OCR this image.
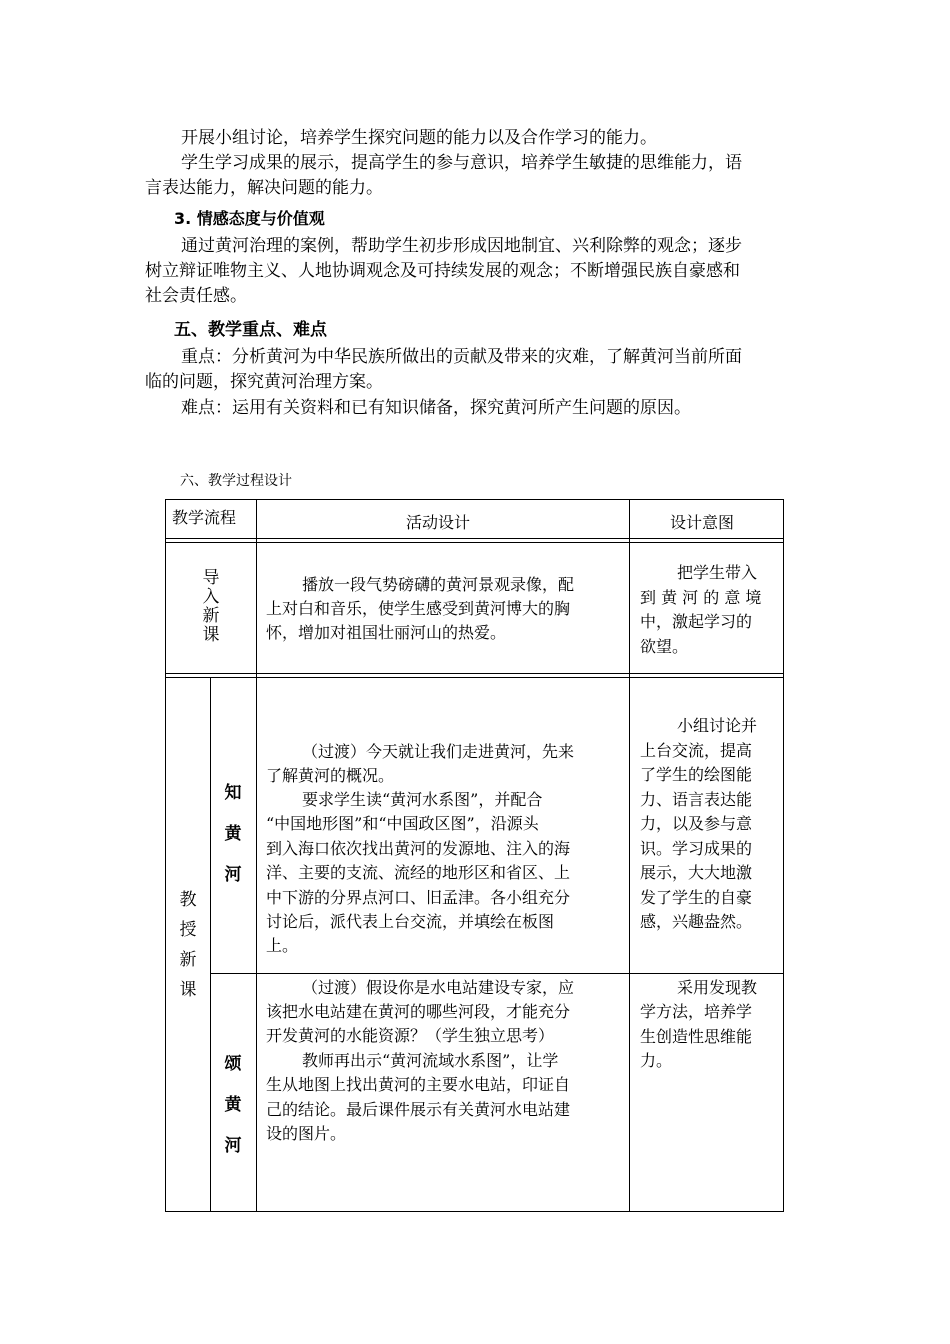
开展小组讨论，培养学生探究问题的能力以及合作学习的能力。
学生学习成果的展示，提高学生的参与意识，培养学生敏捷的思维能力，语
言表达能力，解决问题的能力。
3. 情感态度与价值观
通过黄河治理的案例，帮助学生初步形成因地制宜、兴利除弊的观念；逐步
树立辩证唯物主义、人地协调观念及可持续发展的观念；不断增强民族自豪感和
社会责任感。
五、教学重点、难点
重点：分析黄河为中华民族所做出的贡献及带来的灾难，了解黄河当前所面
临的问题，探究黄河治理方案。
难点：运用有关资料和已有知识储备，探究黄河所产生问题的原因。
六、教学过程设计
教学流程	活动设计	设计意图
导
入
新
课
播放一段气势磅礴的黄河景观录像，配
上对白和音乐，使学生感受到黄河博大的胸
怀，增加对祖国壮丽河山的热爱。
把学生带入
到 黄 河 的 意 境
中，激起学习的
欲望。
教
授
新
课
知
黄
河
（过渡）今天就让我们走进黄河，先来
了解黄河的概况。
要求学生读“黄河水系图”，并配合
“中国地形图”和“中国政区图”，沿源头
到入海口依次找出黄河的发源地、注入的海
洋、主要的支流、流经的地形区和省区、上
中下游的分界点河口、旧孟津。各小组充分
讨论后，派代表上台交流，并填绘在板图
上。
小组讨论并
上台交流，提高
了学生的绘图能
力、语言表达能
力，以及参与意
识。学习成果的
展示，大大地激
发了学生的自豪
感，兴趣盎然。
颂
黄
河
（过渡）假设你是水电站建设专家，应
该把水电站建在黄河的哪些河段，才能充分
开发黄河的水能资源？（学生独立思考）
教师再出示“黄河流域水系图”，让学
生从地图上找出黄河的主要水电站，印证自
己的结论。最后课件展示有关黄河水电站建
设的图片。
采用发现教
学方法，培养学
生创造性思维能
力。
